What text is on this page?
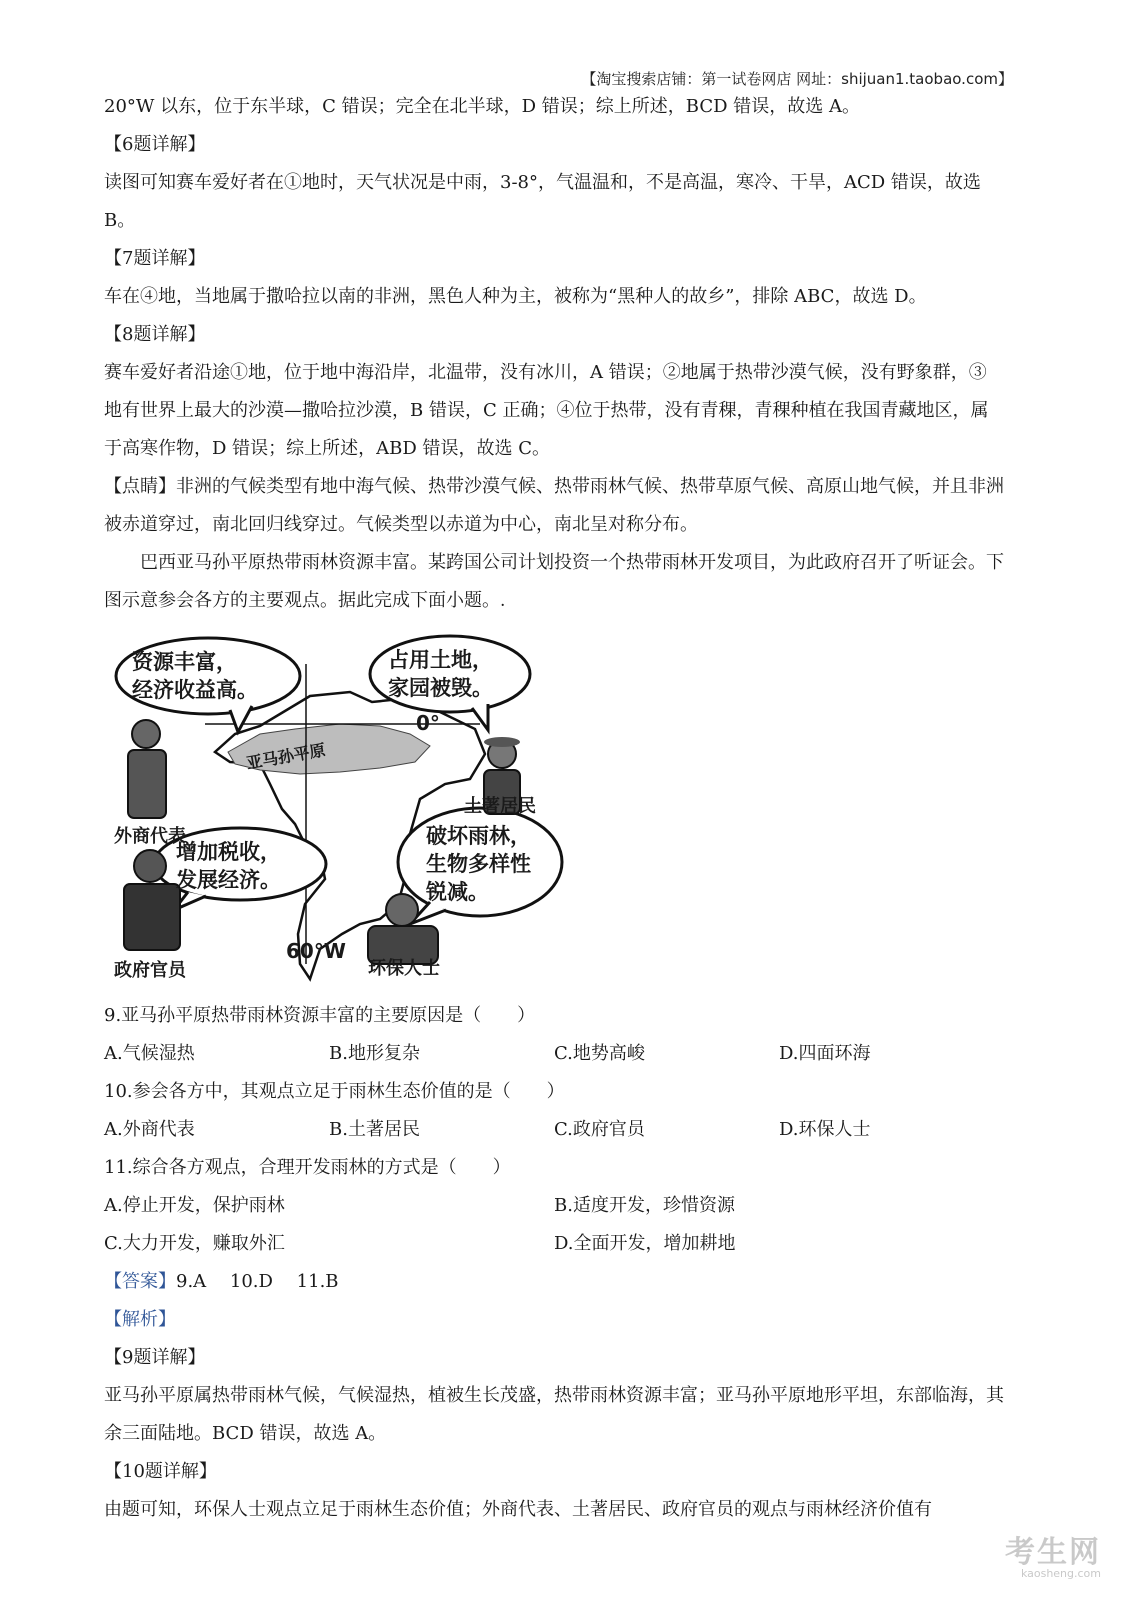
【淘宝搜索店铺：第一试卷网店 网址：shijuan1.taobao.com】

20°W 以东，位于东半球，C 错误；完全在北半球，D 错误；综上所述，BCD 错误，故选 A。

【6题详解】

读图可知赛车爱好者在①地时，天气状况是中雨，3-8°，气温温和，不是高温，寒冷、干旱，ACD 错误，故选 B。

【7题详解】

车在④地，当地属于撒哈拉以南的非洲，黑色人种为主，被称为“黑种人的故乡”，排除 ABC，故选 D。

【8题详解】

赛车爱好者沿途①地，位于地中海沿岸，北温带，没有冰川，A 错误；②地属于热带沙漠气候，没有野象群，③地有世界上最大的沙漠—撒哈拉沙漠，B 错误，C 正确；④位于热带，没有青稞，青稞种植在我国青藏地区，属于高寒作物，D 错误；综上所述，ABD 错误，故选 C。

【点睛】非洲的气候类型有地中海气候、热带沙漠气候、热带雨林气候、热带草原气候、高原山地气候，并且非洲被赤道穿过，南北回归线穿过。气候类型以赤道为中心，南北呈对称分布。

巴西亚马孙平原热带雨林资源丰富。某跨国公司计划投资一个热带雨林开发项目，为此政府召开了听证会。下图示意参会各方的主要观点。据此完成下面小题。.

资源丰富，
经济收益高。
占用土地，
家园被毁。
增加税收，
发展经济。
破坏雨林，
生物多样性
锐减。
外商代表
土著居民
政府官员	环保人士
亚马孙平原
0°
60°W

9.亚马孙平原热带雨林资源丰富的主要原因是（　　）

A.气候湿热	B.地形复杂	C.地势高峻	D.四面环海

10.参会各方中，其观点立足于雨林生态价值的是（　　）

A.外商代表	B.土著居民	C.政府官员	D.环保人士

11.综合各方观点，合理开发雨林的方式是（　　）

A.停止开发，保护雨林	B.适度开发，珍惜资源
C.大力开发，赚取外汇	D.全面开发，增加耕地

【答案】9.A　 10.D　 11.B

【解析】

【9题详解】

亚马孙平原属热带雨林气候，气候湿热，植被生长茂盛，热带雨林资源丰富；亚马孙平原地形平坦，东部临海，其余三面陆地。BCD 错误，故选 A。

【10题详解】

由题可知，环保人士观点立足于雨林生态价值；外商代表、土著居民、政府官员的观点与雨林经济价值有

考生网
kaosheng.com
